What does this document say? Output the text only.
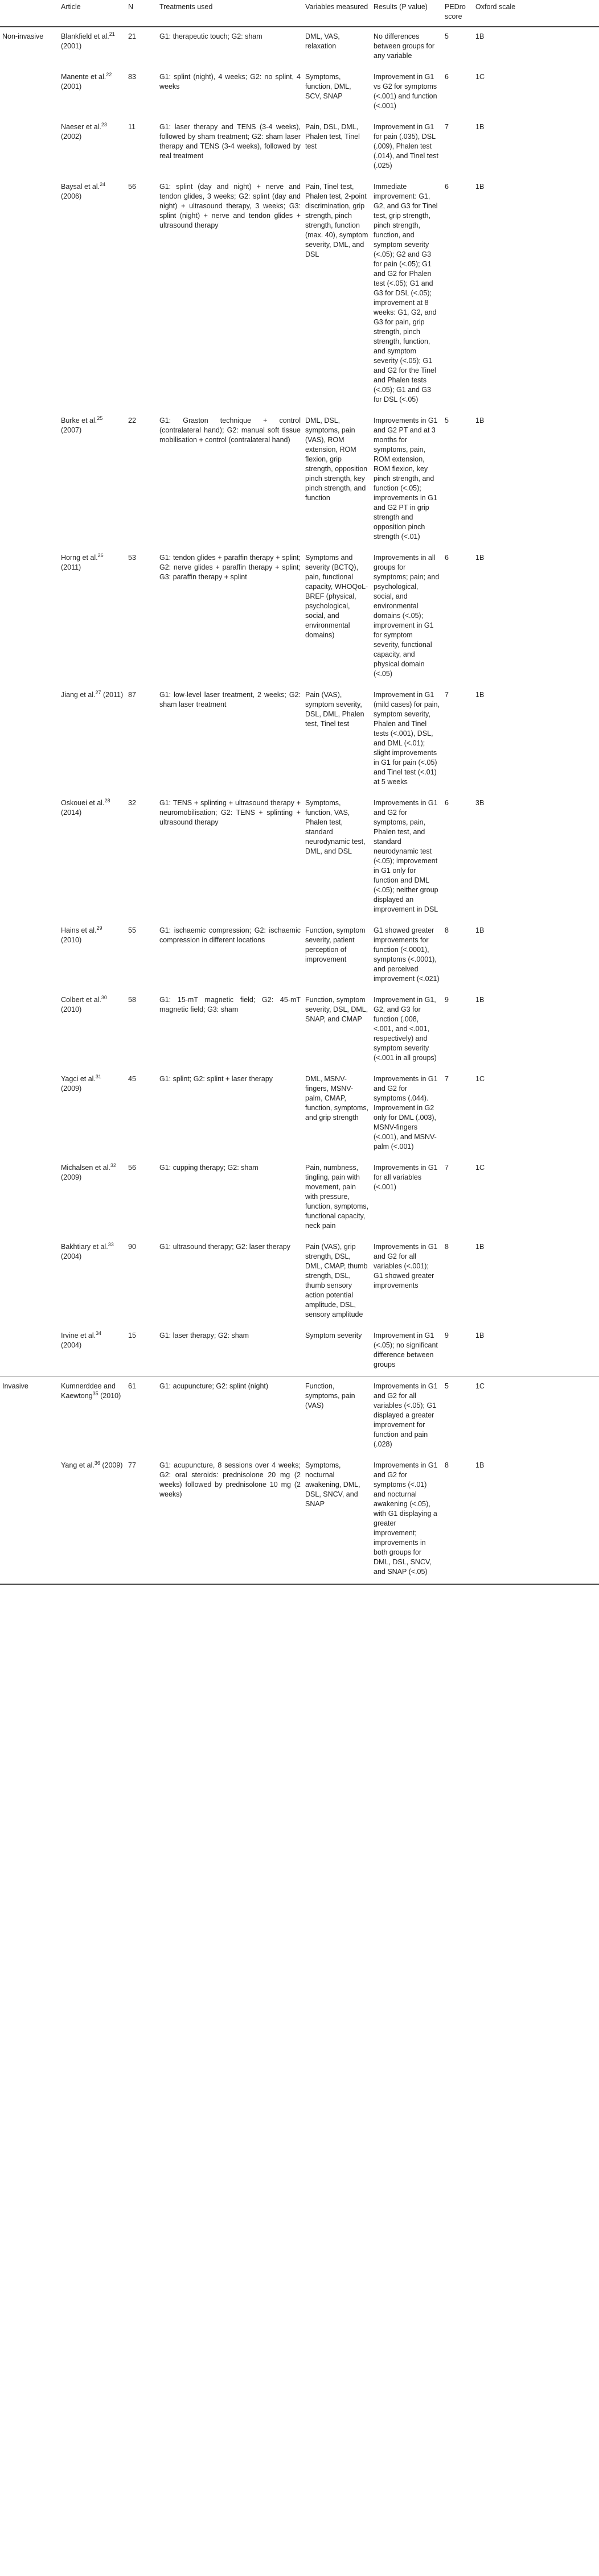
	Article	N	Treatments used	Variables measured	Results (P value)	PEDro score	Oxford scale
Non-invasive	Blankfield et al.$^{21}$ (2001)	21	G1: therapeutic touch; G2: sham	DML, VAS, relaxation	No differences between groups for any variable	5	1B
	Manente et al.$^{22}$ (2001)	83	G1: splint (night), 4 weeks; G2: no splint, 4 weeks	Symptoms, function, DML, SCV, SNAP	Improvement in G1 vs G2 for symptoms (<.001) and function (<.001)	6	1C
	Naeser et al.$^{23}$ (2002)	11	G1: laser therapy and TENS (3-4 weeks), followed by sham treatment; G2: sham laser therapy and TENS (3-4 weeks), followed by real treatment	Pain, DSL, DML, Phalen test, Tinel test	Improvement in G1 for pain (.035), DSL (.009), Phalen test (.014), and Tinel test (.025)	7	1B
	Baysal et al.$^{24}$ (2006)	56	G1: splint (day and night) + nerve and tendon glides, 3 weeks; G2: splint (day and night) + ultrasound therapy, 3 weeks; G3: splint (night) + nerve and tendon glides + ultrasound therapy	Pain, Tinel test, Phalen test, 2-point discrimination, grip strength, pinch strength, function (max. 40), symptom severity, DML, and DSL	Immediate improvement: G1, G2, and G3 for Tinel test, grip strength, pinch strength, function, and symptom severity (<.05); G2 and G3 for pain (<.05); G1 and G2 for Phalen test (<.05); G1 and G3 for DSL (<.05); improvement at 8 weeks: G1, G2, and G3 for pain, grip strength, pinch strength, function, and symptom severity (<.05); G1 and G2 for the Tinel and Phalen tests (<.05); G1 and G3 for DSL (<.05)	6	1B
	Burke et al.$^{25}$ (2007)	22	G1: Graston technique + control (contralateral hand); G2: manual soft tissue mobilisation + control (contralateral hand)	DML, DSL, symptoms, pain (VAS), ROM extension, ROM flexion, grip strength, opposition pinch strength, key pinch strength, and function	Improvements in G1 and G2 PT and at 3 months for symptoms, pain, ROM extension, ROM flexion, key pinch strength, and function (<.05); improvements in G1 and G2 PT in grip strength and opposition pinch strength (<.01)	5	1B
	Horng et al.$^{26}$ (2011)	53	G1: tendon glides + paraffin therapy + splint; G2: nerve glides + paraffin therapy + splint; G3: paraffin therapy + splint	Symptoms and severity (BCTQ), pain, functional capacity, WHOQoL-BREF (physical, psychological, social, and environmental domains)	Improvements in all groups for symptoms; pain; and psychological, social, and environmental domains (<.05); improvement in G1 for symptom severity, functional capacity, and physical domain (<.05)	6	1B
	Jiang et al.$^{27}$ (2011)	87	G1: low-level laser treatment, 2 weeks; G2: sham laser treatment	Pain (VAS), symptom severity, DSL, DML, Phalen test, Tinel test	Improvement in G1 (mild cases) for pain, symptom severity, Phalen and Tinel tests (<.001), DSL, and DML (<.01); slight improvements in G1 for pain (<.05) and Tinel test (<.01) at 5 weeks	7	1B
	Oskouei et al.$^{28}$ (2014)	32	G1: TENS + splinting + ultrasound therapy + neuromobilisation; G2: TENS + splinting + ultrasound therapy	Symptoms, function, VAS, Phalen test, standard neurodynamic test, DML, and DSL	Improvements in G1 and G2 for symptoms, pain, Phalen test, and standard neurodynamic test (<.05); improvement in G1 only for function and DML (<.05); neither group displayed an improvement in DSL	6	3B
	Hains et al.$^{29}$ (2010)	55	G1: ischaemic compression; G2: ischaemic compression in different locations	Function, symptom severity, patient perception of improvement	G1 showed greater improvements for function (<.0001), symptoms (<.0001), and perceived improvement (<.021)	8	1B
	Colbert et al.$^{30}$ (2010)	58	G1: 15-mT magnetic field; G2: 45-mT magnetic field; G3: sham	Function, symptom severity, DSL, DML, SNAP, and CMAP	Improvement in G1, G2, and G3 for function (.008, <.001, and <.001, respectively) and symptom severity (<.001 in all groups)	9	1B
	Yagci et al.$^{31}$ (2009)	45	G1: splint; G2: splint + laser therapy	DML, MSNV-fingers, MSNV-palm, CMAP, function, symptoms, and grip strength	Improvements in G1 and G2 for symptoms (.044). Improvement in G2 only for DML (.003), MSNV-fingers (<.001), and MSNV-palm (<.001)	7	1C
	Michalsen et al.$^{32}$ (2009)	56	G1: cupping therapy; G2: sham	Pain, numbness, tingling, pain with movement, pain with pressure, function, symptoms, functional capacity, neck pain	Improvements in G1 for all variables (<.001)	7	1C
	Bakhtiary et al.$^{33}$ (2004)	90	G1: ultrasound therapy; G2: laser therapy	Pain (VAS), grip strength, DSL, DML, CMAP, thumb strength, DSL, thumb sensory action potential amplitude, DSL, sensory amplitude	Improvements in G1 and G2 for all variables (<.001); G1 showed greater improvements	8	1B
	Irvine et al.$^{34}$ (2004)	15	G1: laser therapy; G2: sham	Symptom severity	Improvement in G1 (<.05); no significant difference between groups	9	1B
Invasive	Kumnerddee and Kaewtong$^{35}$ (2010)	61	G1: acupuncture; G2: splint (night)	Function, symptoms, pain (VAS)	Improvements in G1 and G2 for all variables (<.05); G1 displayed a greater improvement for function and pain (.028)	5	1C
	Yang et al.$^{36}$ (2009)	77	G1: acupuncture, 8 sessions over 4 weeks; G2: oral steroids: prednisolone 20 mg (2 weeks) followed by prednisolone 10 mg (2 weeks)	Symptoms, nocturnal awakening, DML, DSL, SNCV, and SNAP	Improvements in G1 and G2 for symptoms (<.01) and nocturnal awakening (<.05), with G1 displaying a greater improvement; improvements in both groups for DML, DSL, SNCV, and SNAP (<.05)	8	1B
